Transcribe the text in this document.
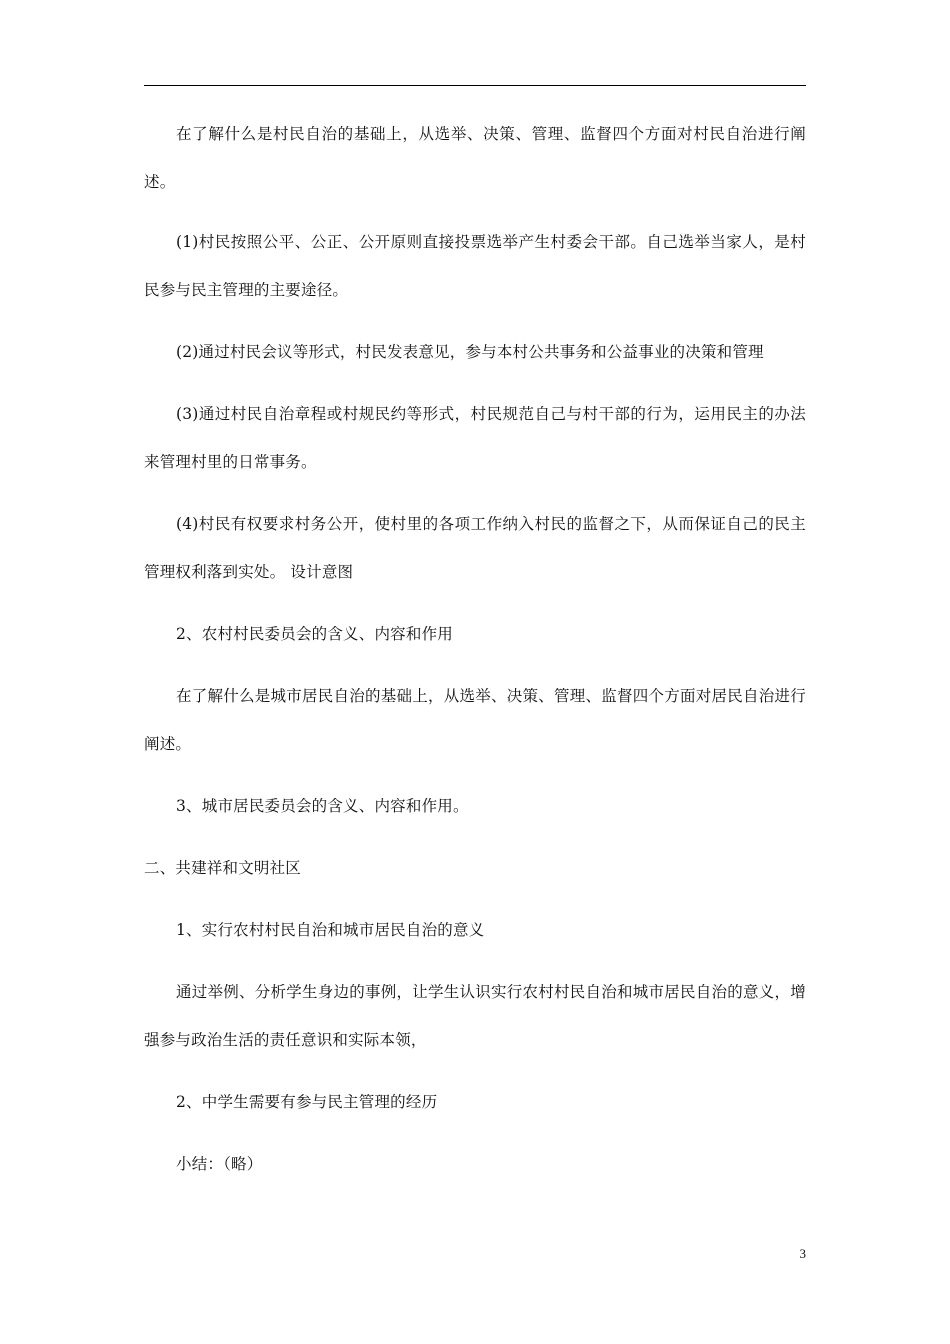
在了解什么是村民自治的基础上，从选举、决策、管理、监督四个方面对村民自治进行阐述。

(1)村民按照公平、公正、公开原则直接投票选举产生村委会干部。自己选举当家人，是村民参与民主管理的主要途径。

(2)通过村民会议等形式，村民发表意见，参与本村公共事务和公益事业的决策和管理

(3)通过村民自治章程或村规民约等形式，村民规范自己与村干部的行为，运用民主的办法来管理村里的日常事务。

(4)村民有权要求村务公开，使村里的各项工作纳入村民的监督之下，从而保证自己的民主管理权利落到实处。 设计意图

2、农村村民委员会的含义、内容和作用

在了解什么是城市居民自治的基础上，从选举、决策、管理、监督四个方面对居民自治进行阐述。

3、城市居民委员会的含义、内容和作用。

二、共建祥和文明社区

1、实行农村村民自治和城市居民自治的意义

通过举例、分析学生身边的事例，让学生认识实行农村村民自治和城市居民自治的意义，增强参与政治生活的责任意识和实际本领，

2、中学生需要有参与民主管理的经历

小结：（略）

3
